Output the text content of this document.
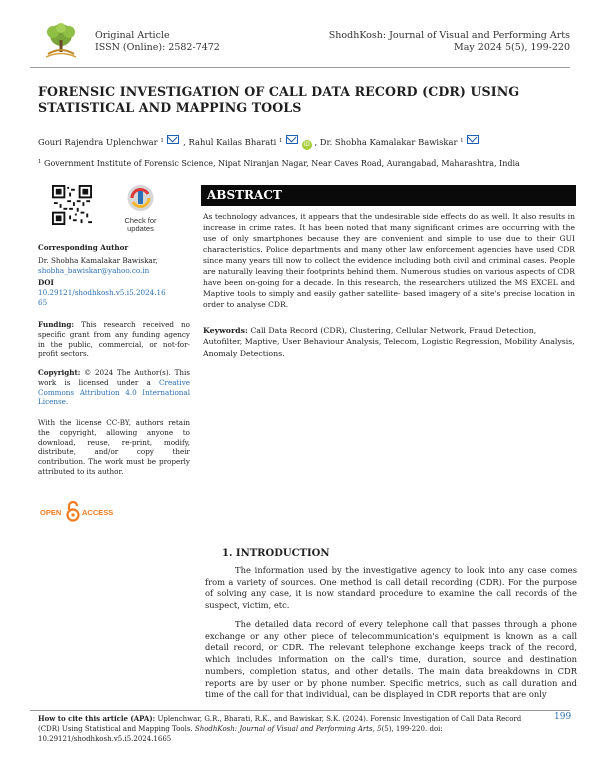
Original Article
ISSN (Online): 2582-7472
ShodhKosh: Journal of Visual and Performing Arts
May 2024 5(5), 199-220
FORENSIC INVESTIGATION OF CALL DATA RECORD (CDR) USING STATISTICAL AND MAPPING TOOLS
Gouri Rajendra Uplenchwar $^1$ , Rahul Kailas Bharati $^1$	iD , Dr. Shobha Kamalakar Bawiskar $^1$
$^1$ Government Institute of Forensic Science, Nipat Niranjan Nagar, Near Caves Road, Aurangabad, Maharashtra, India
Check for
updates
Corresponding Author
Dr. Shobha Kamalakar Bawiskar,
shobha_bawiskar@yahoo.co.in
DOI
10.29121/shodhkosh.v5.i5.2024.1665
Funding: This research received no specific grant from any funding agency in the public, commercial, or not-for-profit sectors.
Copyright: © 2024 The Author(s). This work is licensed under a Creative Commons Attribution 4.0 International License.
With the license CC-BY, authors retain the copyright, allowing anyone to download, reuse, re-print, modify, distribute, and/or copy their contribution. The work must be properly attributed to its author.
OPEN	ACCESS
ABSTRACT
As technology advances, it appears that the undesirable side effects do as well. It also results in increase in crime rates. It has been noted that many significant crimes are occurring with the use of only smartphones because they are convenient and simple to use due to their GUI characteristics. Police departments and many other law enforcement agencies have used CDR since many years till now to collect the evidence including both civil and criminal cases. People are naturally leaving their footprints behind them. Numerous studies on various aspects of CDR have been on-going for a decade. In this research, the researchers utilized the MS EXCEL and Maptive tools to simply and easily gather satellite- based imagery of a site's precise location in order to analyse CDR.
Keywords: Call Data Record (CDR), Clustering, Cellular Network, Fraud Detection, Autofilter, Maptive, User Behaviour Analysis, Telecom, Logistic Regression, Mobility Analysis, Anomaly Detections.
1. INTRODUCTION
The information used by the investigative agency to look into any case comes from a variety of sources. One method is call detail recording (CDR). For the purpose of solving any case, it is now standard procedure to examine the call records of the suspect, victim, etc.
The detailed data record of every telephone call that passes through a phone exchange or any other piece of telecommunication's equipment is known as a call detail record, or CDR. The relevant telephone exchange keeps track of the record, which includes information on the call's time, duration, source and destination numbers, completion status, and other details. The main data breakdowns in CDR reports are by user or by phone number. Specific metrics, such as call duration and time of the call for that individual, can be displayed in CDR reports that are only
How to cite this article (APA): Uplenchwar, G.R., Bharati, R.K., and Bawiskar, S.K. (2024). Forensic Investigation of Call Data Record (CDR) Using Statistical and Mapping Tools. ShodhKosh: Journal of Visual and Performing Arts, 5(5), 199-220. doi: 10.29121/shodhkosh.v5.i5.2024.1665
199
